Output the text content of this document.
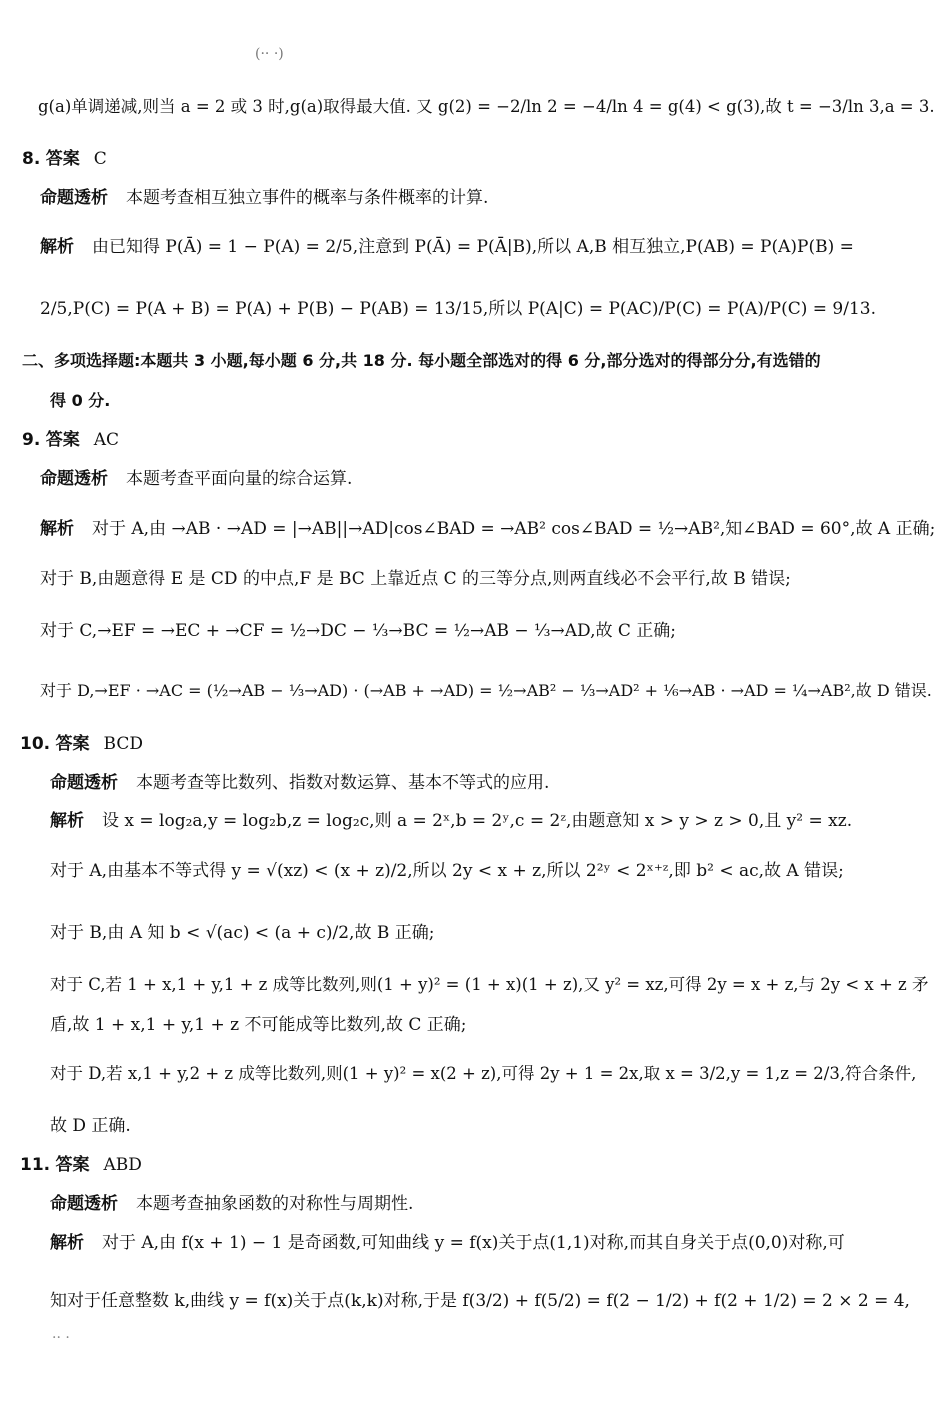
(·· ·)
g(a)单调递减,则当 a = 2 或 3 时,g(a)取得最大值. 又 g(2) = −2/ln 2 = −4/ln 4 = g(4) < g(3),故 t = −3/ln 3,a = 3.
8. 答案 C
命题透析 本题考查相互独立事件的概率与条件概率的计算.
解析 由已知得 P(Ā) = 1 − P(A) = 2/5,注意到 P(Ā) = P(Ā|B),所以 A,B 相互独立,P(AB) = P(A)P(B) =
2/5,P(C) = P(A + B) = P(A) + P(B) − P(AB) = 13/15,所以 P(A|C) = P(AC)/P(C) = P(A)/P(C) = 9/13.
二、多项选择题:本题共 3 小题,每小题 6 分,共 18 分. 每小题全部选对的得 6 分,部分选对的得部分分,有选错的
得 0 分.
9. 答案 AC
命题透析 本题考查平面向量的综合运算.
解析 对于 A,由 →AB · →AD = |→AB||→AD|cos∠BAD = →AB² cos∠BAD = ½→AB²,知∠BAD = 60°,故 A 正确;
对于 B,由题意得 E 是 CD 的中点,F 是 BC 上靠近点 C 的三等分点,则两直线必不会平行,故 B 错误;
对于 C,→EF = →EC + →CF = ½→DC − ⅓→BC = ½→AB − ⅓→AD,故 C 正确;
对于 D,→EF · →AC = (½→AB − ⅓→AD) · (→AB + →AD) = ½→AB² − ⅓→AD² + ⅙→AB · →AD = ¼→AB²,故 D 错误.
10. 答案 BCD
命题透析 本题考查等比数列、指数对数运算、基本不等式的应用.
解析 设 x = log₂a,y = log₂b,z = log₂c,则 a = 2ˣ,b = 2ʸ,c = 2ᶻ,由题意知 x > y > z > 0,且 y² = xz.
对于 A,由基本不等式得 y = √(xz) < (x + z)/2,所以 2y < x + z,所以 2²ʸ < 2ˣ⁺ᶻ,即 b² < ac,故 A 错误;
对于 B,由 A 知 b < √(ac) < (a + c)/2,故 B 正确;
对于 C,若 1 + x,1 + y,1 + z 成等比数列,则(1 + y)² = (1 + x)(1 + z),又 y² = xz,可得 2y = x + z,与 2y < x + z 矛
盾,故 1 + x,1 + y,1 + z 不可能成等比数列,故 C 正确;
对于 D,若 x,1 + y,2 + z 成等比数列,则(1 + y)² = x(2 + z),可得 2y + 1 = 2x,取 x = 3/2,y = 1,z = 2/3,符合条件,
故 D 正确.
11. 答案 ABD
命题透析 本题考查抽象函数的对称性与周期性.
解析 对于 A,由 f(x + 1) − 1 是奇函数,可知曲线 y = f(x)关于点(1,1)对称,而其自身关于点(0,0)对称,可
知对于任意整数 k,曲线 y = f(x)关于点(k,k)对称,于是 f(3/2) + f(5/2) = f(2 − 1/2) + f(2 + 1/2) = 2 × 2 = 4,
·· ·
